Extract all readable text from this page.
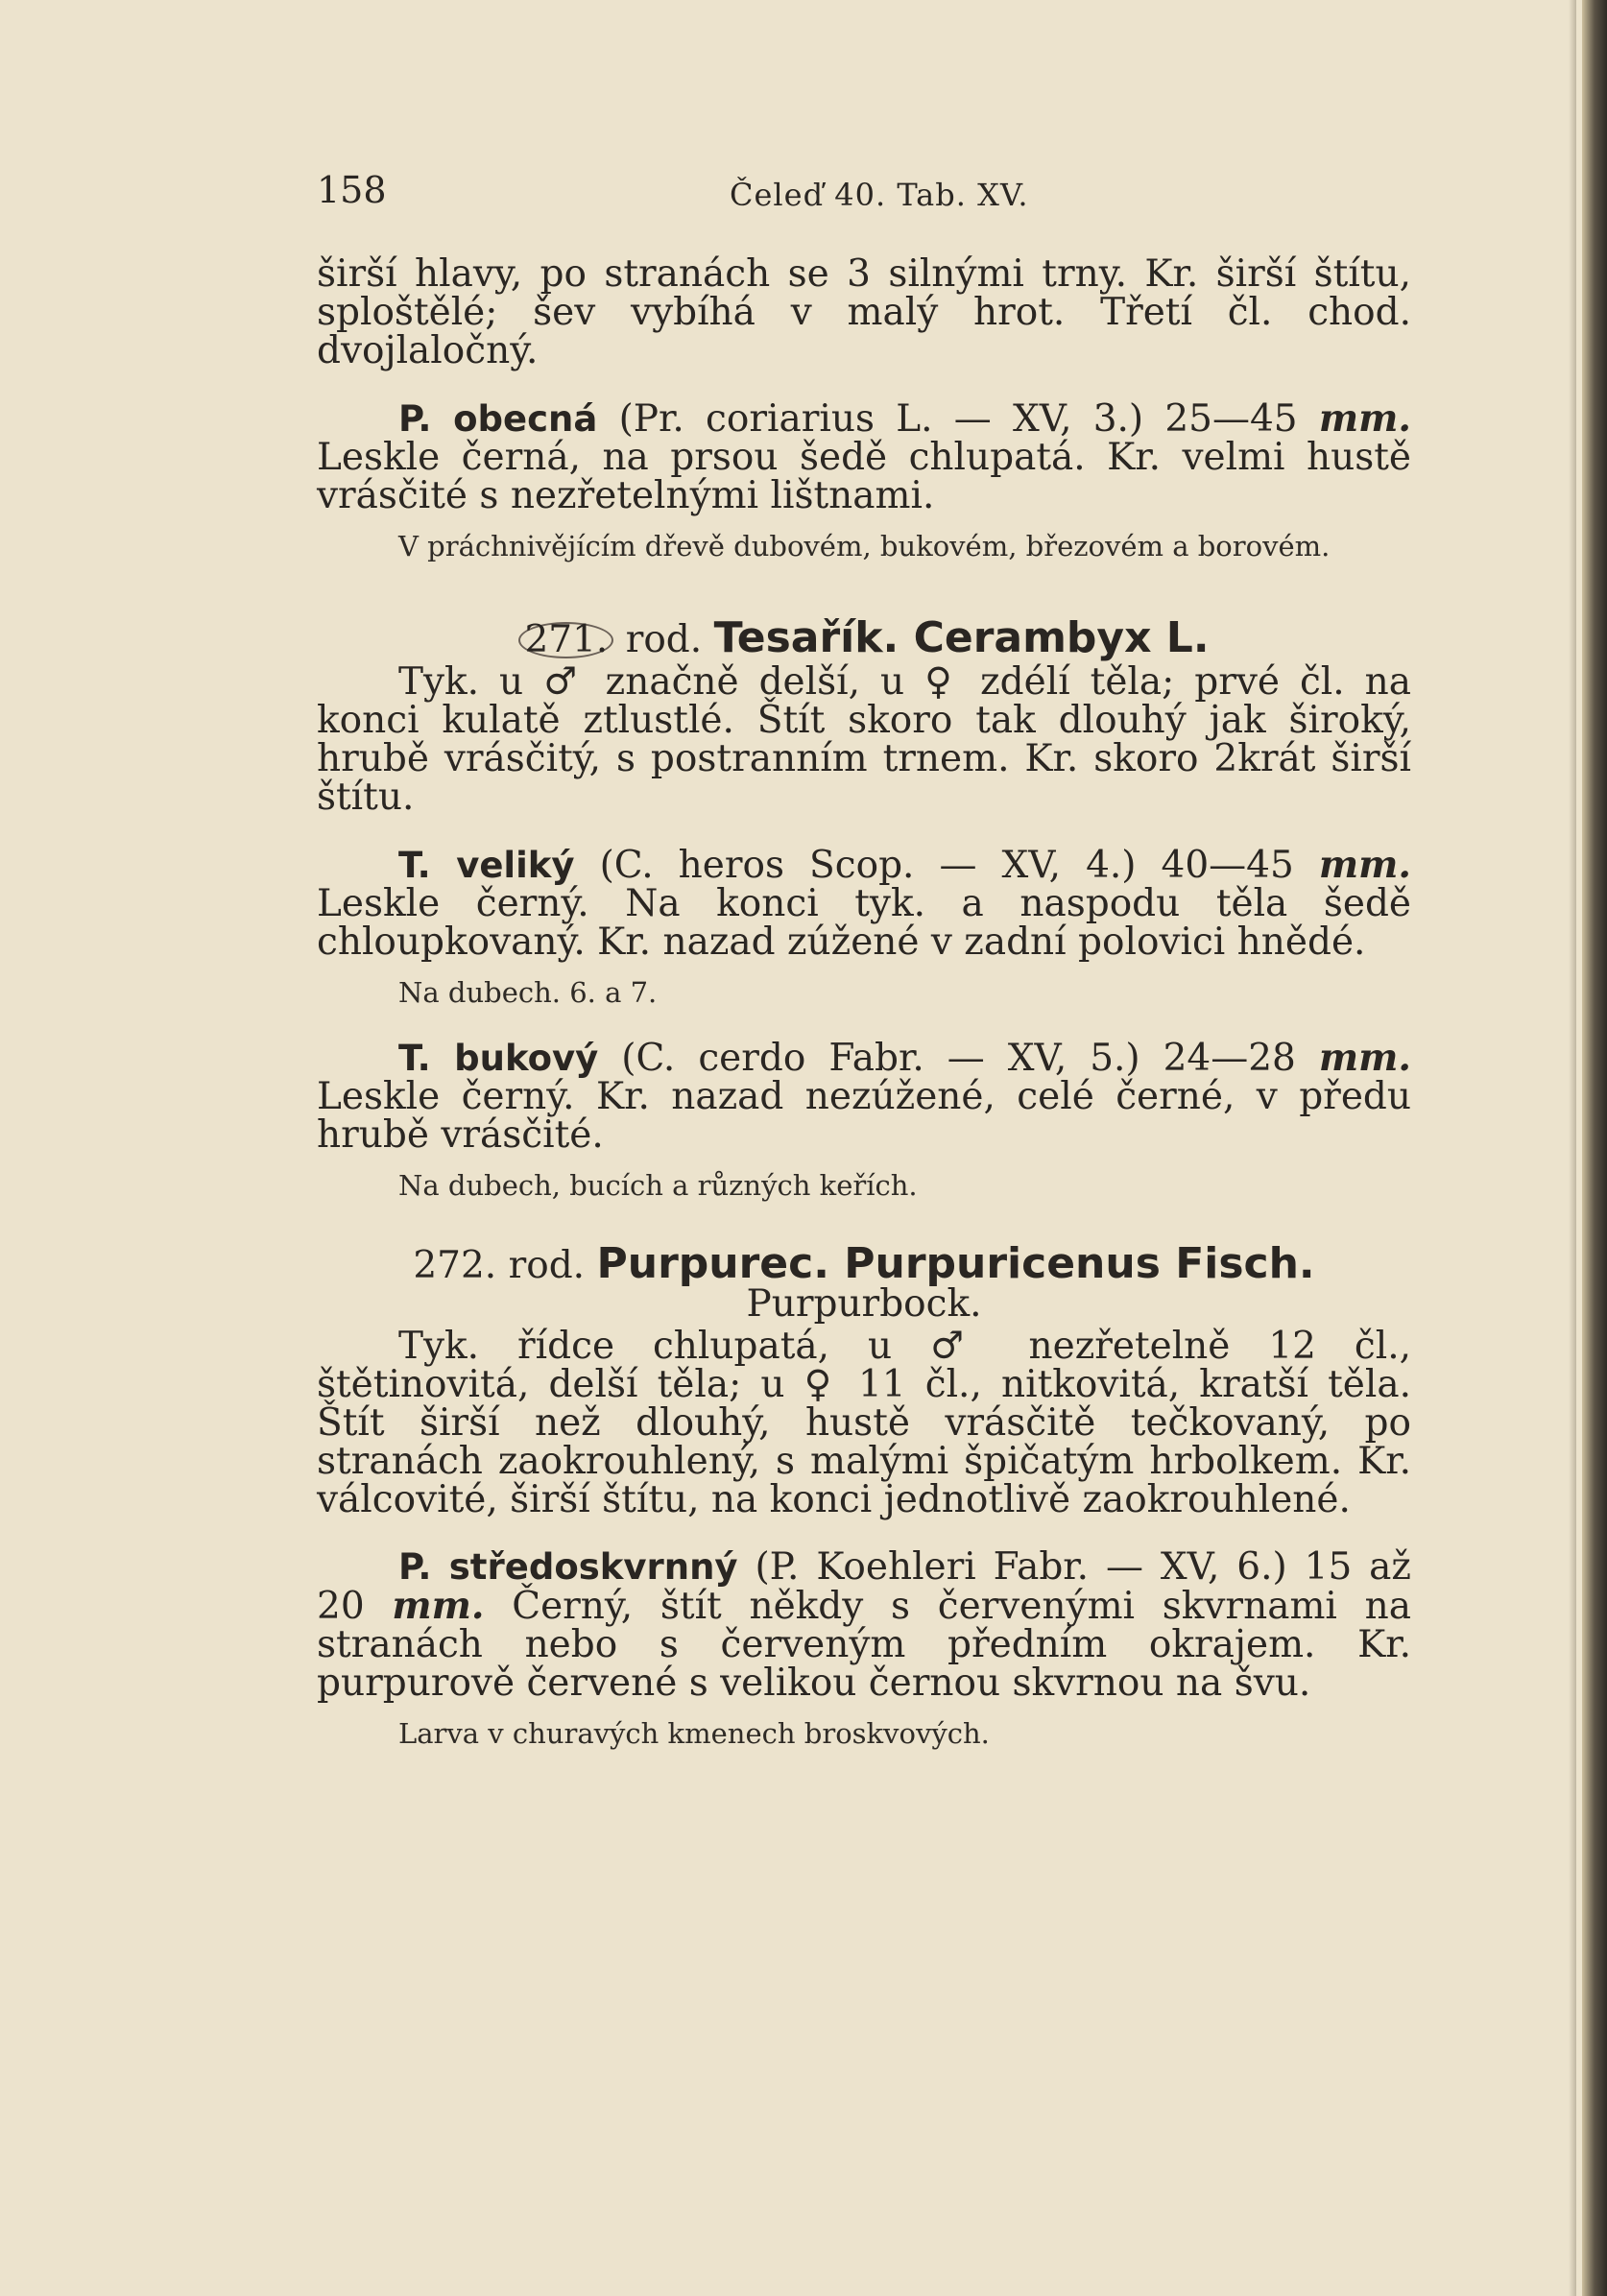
158	Čeleď 40. Tab. XV.

širší hlavy, po stranách se 3 silnými trny. Kr. širší štítu, sploštělé; šev vybíhá v malý hrot. Třetí čl. chod. dvojlaločný.

P. obecná (Pr. coriarius L. — XV, 3.) 25—45 mm. Leskle černá, na prsou šedě chlupatá. Kr. velmi hustě vrásčité s nezřetelnými lištnami.

V práchnivějícím dřevě dubovém, bukovém, březovém a borovém.

271. rod. Tesařík. Cerambyx L.

Tyk. u ♂ značně delší, u ♀ zdélí těla; prvé čl. na konci kulatě ztlustlé. Štít skoro tak dlouhý jak široký, hrubě vrásčitý, s postranním trnem. Kr. skoro 2krát širší štítu.

T. veliký (C. heros Scop. — XV, 4.) 40—45 mm. Leskle černý. Na konci tyk. a naspodu těla šedě chloupkovaný. Kr. nazad zúžené v zadní polovici hnědé.

Na dubech. 6. a 7.

T. bukový (C. cerdo Fabr. — XV, 5.) 24—28 mm. Leskle černý. Kr. nazad nezúžené, celé černé, v předu hrubě vrásčité.

Na dubech, bucích a různých keřích.

272. rod. Purpurec. Purpuricenus Fisch. Purpurbock.

Tyk. řídce chlupatá, u ♂ nezřetelně 12 čl., štětinovitá, delší těla; u ♀ 11 čl., nitkovitá, kratší těla. Štít širší než dlouhý, hustě vrásčitě tečkovaný, po stranách zaokrouhlený, s malými špičatým hrbolkem. Kr. válcovité, širší štítu, na konci jednotlivě zaokrouhlené.

P. středoskvrnný (P. Koehleri Fabr. — XV, 6.) 15 až 20 mm. Černý, štít někdy s červenými skvrnami na stranách nebo s červeným předním okrajem. Kr. purpurově červené s velikou černou skvrnou na švu.

Larva v churavých kmenech broskvových.
